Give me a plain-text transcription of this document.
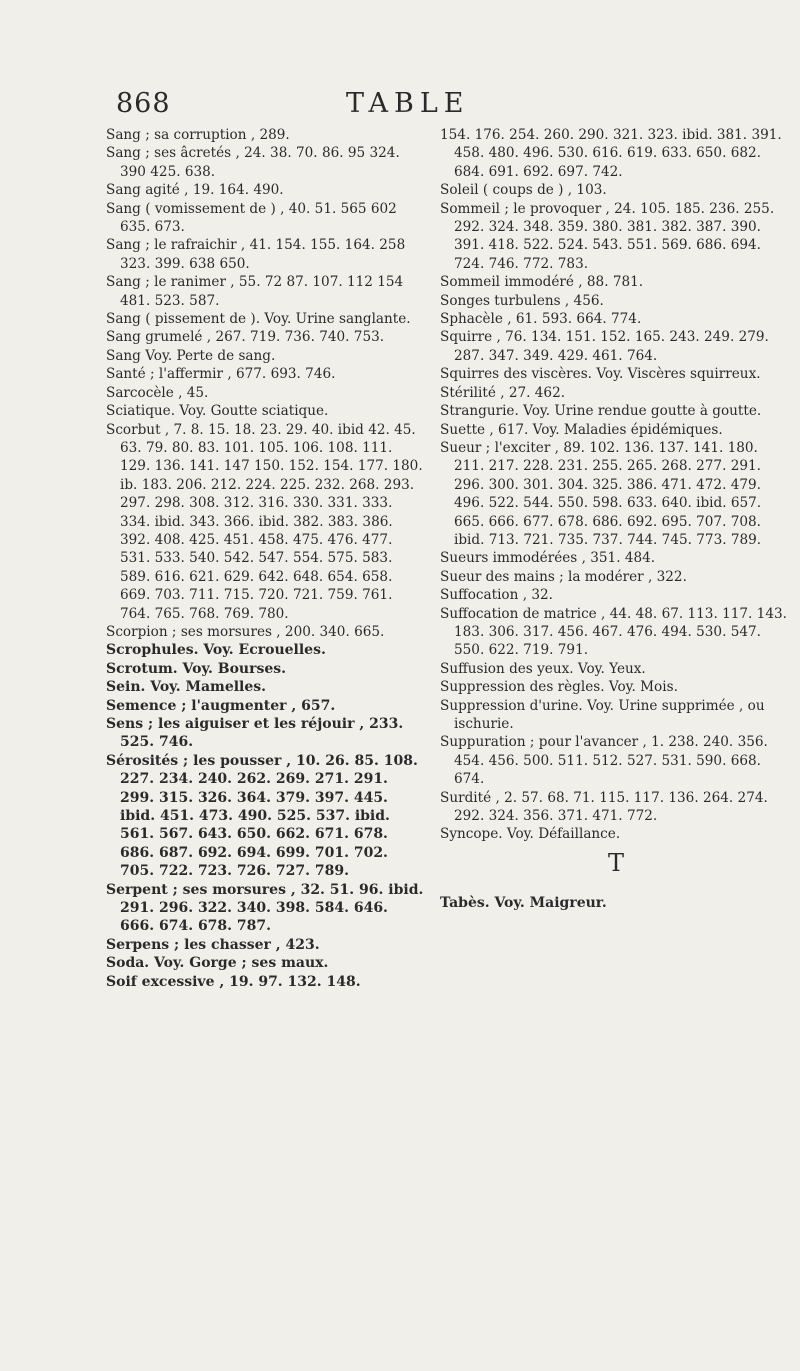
868	TABLE

Sang ; sa corruption , 289.

Sang ; ses âcretés , 24. 38. 70. 86. 95 324. 390 425. 638.

Sang agité , 19. 164. 490.

Sang ( vomissement de ) , 40. 51. 565 602 635. 673.

Sang ; le rafraichir , 41. 154. 155. 164. 258 323. 399. 638 650.

Sang ; le ranimer , 55. 72 87. 107. 112 154 481. 523. 587.

Sang ( pissement de ). Voy. Urine sanglante.

Sang grumelé , 267. 719. 736. 740. 753.

Sang Voy. Perte de sang.

Santé ; l'affermir , 677. 693. 746.

Sarcocèle , 45.

Sciatique. Voy. Goutte sciatique.

Scorbut , 7. 8. 15. 18. 23. 29. 40. ibid 42. 45. 63. 79. 80. 83. 101. 105. 106. 108. 111. 129. 136. 141. 147 150. 152. 154. 177. 180. ib. 183. 206. 212. 224. 225. 232. 268. 293. 297. 298. 308. 312. 316. 330. 331. 333. 334. ibid. 343. 366. ibid. 382. 383. 386. 392. 408. 425. 451. 458. 475. 476. 477. 531. 533. 540. 542. 547. 554. 575. 583. 589. 616. 621. 629. 642. 648. 654. 658. 669. 703. 711. 715. 720. 721. 759. 761. 764. 765. 768. 769. 780.

Scorpion ; ses morsures , 200. 340. 665.

Scrophules. Voy. Ecrouelles.

Scrotum. Voy. Bourses.

Sein. Voy. Mamelles.

Semence ; l'augmenter , 657.

Sens ; les aiguiser et les réjouir , 233. 525. 746.

Sérosités ; les pousser , 10. 26. 85. 108. 227. 234. 240. 262. 269. 271. 291. 299. 315. 326. 364. 379. 397. 445. ibid. 451. 473. 490. 525. 537. ibid. 561. 567. 643. 650. 662. 671. 678. 686. 687. 692. 694. 699. 701. 702. 705. 722. 723. 726. 727. 789.

Serpent ; ses morsures , 32. 51. 96. ibid. 291. 296. 322. 340. 398. 584. 646. 666. 674. 678. 787.

Serpens ; les chasser , 423.

Soda. Voy. Gorge ; ses maux.

Soif excessive , 19. 97. 132. 148.

154. 176. 254. 260. 290. 321. 323. ibid. 381. 391. 458. 480. 496. 530. 616. 619. 633. 650. 682. 684. 691. 692. 697. 742.

Soleil ( coups de ) , 103.

Sommeil ; le provoquer , 24. 105. 185. 236. 255. 292. 324. 348. 359. 380. 381. 382. 387. 390. 391. 418. 522. 524. 543. 551. 569. 686. 694. 724. 746. 772. 783.

Sommeil immodéré , 88. 781.

Songes turbulens , 456.

Sphacèle , 61. 593. 664. 774.

Squirre , 76. 134. 151. 152. 165. 243. 249. 279. 287. 347. 349. 429. 461. 764.

Squirres des viscères. Voy. Viscères squirreux.

Stérilité , 27. 462.

Strangurie. Voy. Urine rendue goutte à goutte.

Suette , 617. Voy. Maladies épidémiques.

Sueur ; l'exciter , 89. 102. 136. 137. 141. 180. 211. 217. 228. 231. 255. 265. 268. 277. 291. 296. 300. 301. 304. 325. 386. 471. 472. 479. 496. 522. 544. 550. 598. 633. 640. ibid. 657. 665. 666. 677. 678. 686. 692. 695. 707. 708. ibid. 713. 721. 735. 737. 744. 745. 773. 789.

Sueurs immodérées , 351. 484.

Sueur des mains ; la modérer , 322.

Suffocation , 32.

Suffocation de matrice , 44. 48. 67. 113. 117. 143. 183. 306. 317. 456. 467. 476. 494. 530. 547. 550. 622. 719. 791.

Suffusion des yeux. Voy. Yeux.

Suppression des règles. Voy. Mois.

Suppression d'urine. Voy. Urine supprimée , ou ischurie.

Suppuration ; pour l'avancer , 1. 238. 240. 356. 454. 456. 500. 511. 512. 527. 531. 590. 668. 674.

Surdité , 2. 57. 68. 71. 115. 117. 136. 264. 274. 292. 324. 356. 371. 471. 772.

Syncope. Voy. Défaillance.

T

Tabès. Voy. Maigreur.
